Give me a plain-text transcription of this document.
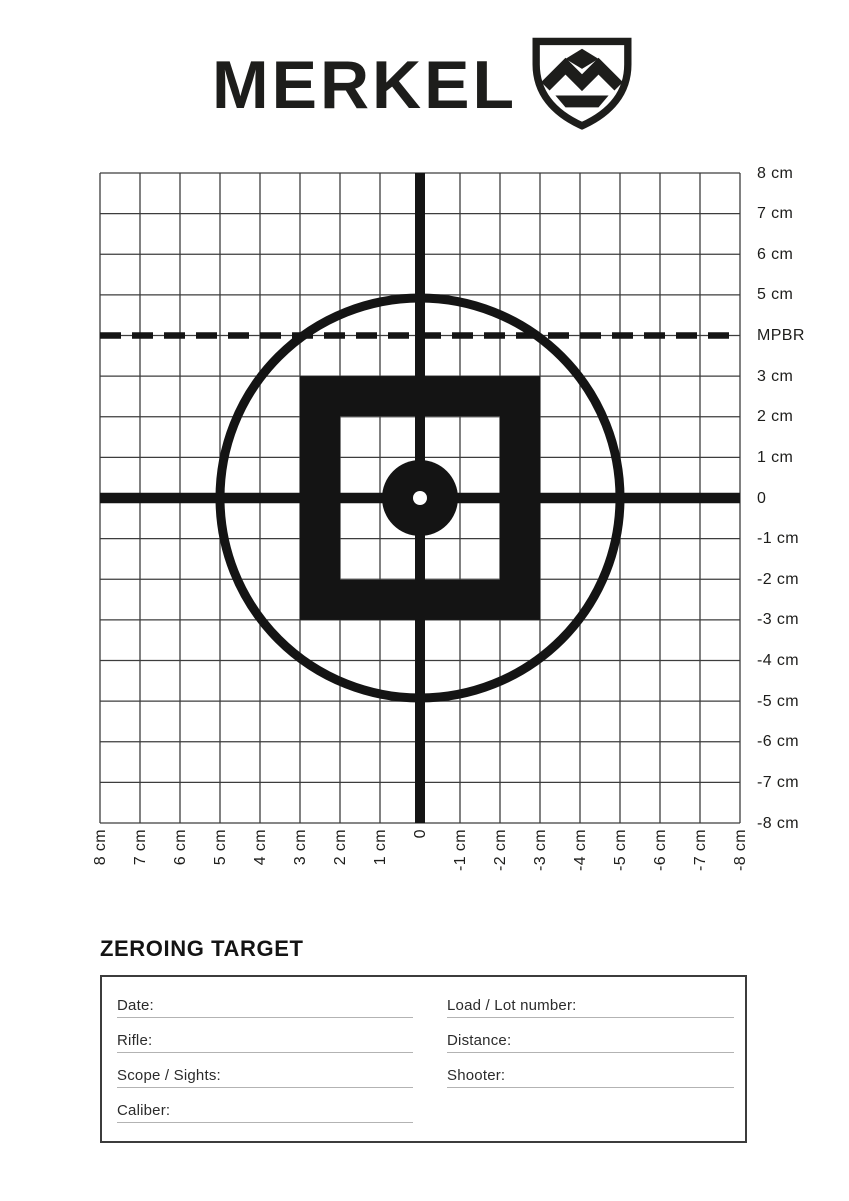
MERKEL
8 cm
7 cm
6 cm
5 cm
MPBR
3 cm
2 cm
1 cm
0
-1 cm
-2 cm
-3 cm
-4 cm
-5 cm
-6 cm
-7 cm
-8 cm
8 cm 7 cm 6 cm 5 cm 4 cm 3 cm 2 cm 1 cm 0 -1 cm -2 cm -3 cm -4 cm -5 cm -6 cm -7 cm -8 cm
ZEROING TARGET
Date:
Rifle:
Scope / Sights:
Caliber:
Load / Lot number:
Distance:
Shooter:
